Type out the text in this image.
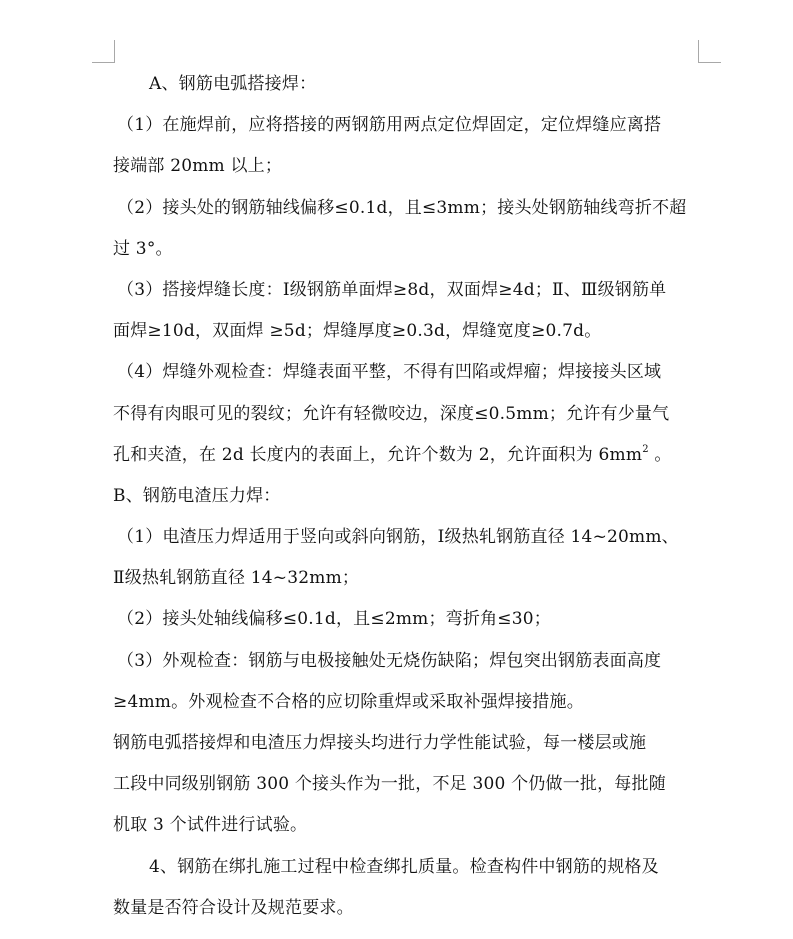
A、钢筋电弧搭接焊：
（1）在施焊前，应将搭接的两钢筋用两点定位焊固定，定位焊缝应离搭
接端部 20mm 以上；
（2）接头处的钢筋轴线偏移≤0.1d，且≤3mm；接头处钢筋轴线弯折不超
过 3°。
（3）搭接焊缝长度：Ⅰ级钢筋单面焊≥8d，双面焊≥4d；Ⅱ、Ⅲ级钢筋单
面焊≥10d，双面焊 ≥5d；焊缝厚度≥0.3d，焊缝宽度≥0.7d。
（4）焊缝外观检查：焊缝表面平整，不得有凹陷或焊瘤；焊接接头区域
不得有肉眼可见的裂纹；允许有轻微咬边，深度≤0.5mm；允许有少量气
孔和夹渣，在 2d 长度内的表面上，允许个数为 2，允许面积为 $6mm^2$ 。
B、钢筋电渣压力焊：
（1）电渣压力焊适用于竖向或斜向钢筋，Ⅰ级热轧钢筋直径 14~20mm、
Ⅱ级热轧钢筋直径 14~32mm；
（2）接头处轴线偏移≤0.1d，且≤2mm；弯折角≤30；
（3）外观检查：钢筋与电极接触处无烧伤缺陷；焊包突出钢筋表面高度
≥4mm。外观检查不合格的应切除重焊或采取补强焊接措施。
钢筋电弧搭接焊和电渣压力焊接头均进行力学性能试验，每一楼层或施
工段中同级别钢筋 300 个接头作为一批，不足 300 个仍做一批，每批随
机取 3 个试件进行试验。
4、钢筋在绑扎施工过程中检查绑扎质量。检查构件中钢筋的规格及
数量是否符合设计及规范要求。
